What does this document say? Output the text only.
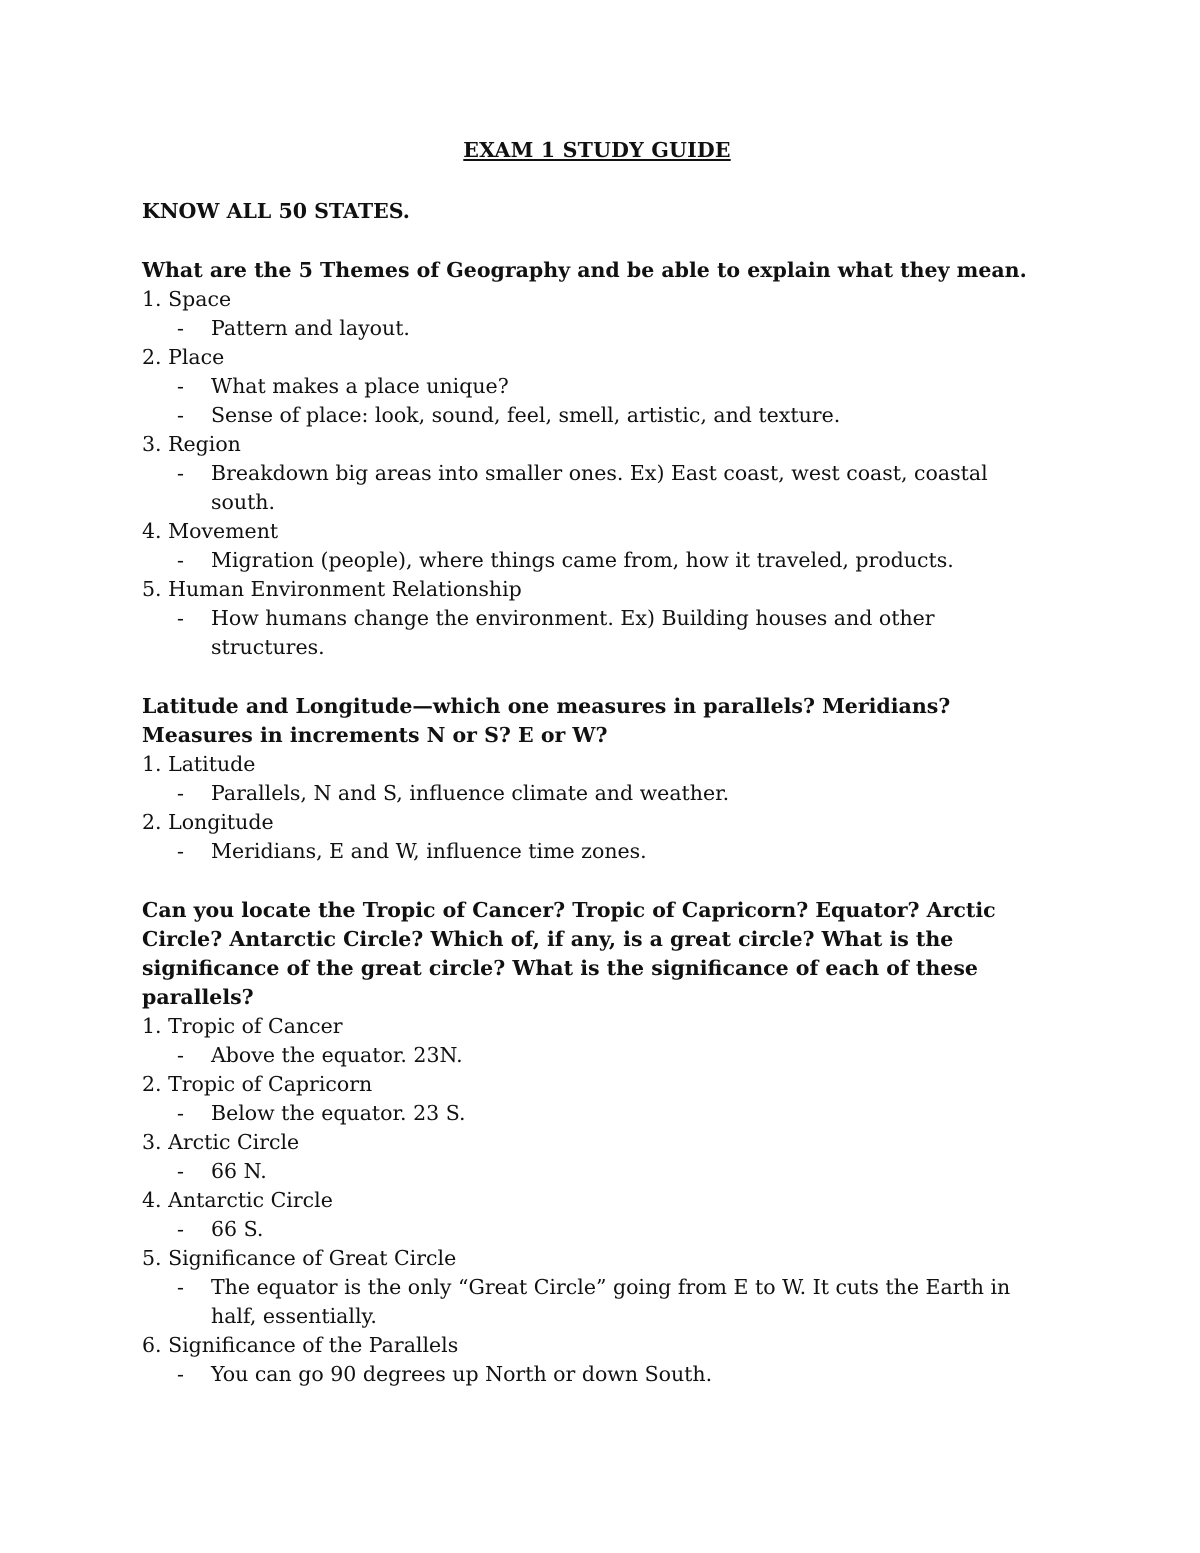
EXAM 1 STUDY GUIDE
KNOW ALL 50 STATES.
What are the 5 Themes of Geography and be able to explain what they mean.
1. Space
- Pattern and layout.
2. Place
- What makes a place unique?
- Sense of place: look, sound, feel, smell, artistic, and texture.
3. Region
- Breakdown big areas into smaller ones. Ex) East coast, west coast, coastal south.
4. Movement
- Migration (people), where things came from, how it traveled, products.
5. Human Environment Relationship
- How humans change the environment. Ex) Building houses and other structures.
Latitude and Longitude—which one measures in parallels? Meridians? Measures in increments N or S? E or W?
1. Latitude
- Parallels, N and S, influence climate and weather.
2. Longitude
- Meridians, E and W, influence time zones.
Can you locate the Tropic of Cancer? Tropic of Capricorn? Equator? Arctic Circle? Antarctic Circle? Which of, if any, is a great circle? What is the significance of the great circle? What is the significance of each of these parallels?
1. Tropic of Cancer
- Above the equator. 23N.
2. Tropic of Capricorn
- Below the equator. 23 S.
3. Arctic Circle
- 66 N.
4. Antarctic Circle
- 66 S.
5. Significance of Great Circle
- The equator is the only “Great Circle” going from E to W. It cuts the Earth in half, essentially.
6. Significance of the Parallels
- You can go 90 degrees up North or down South.
